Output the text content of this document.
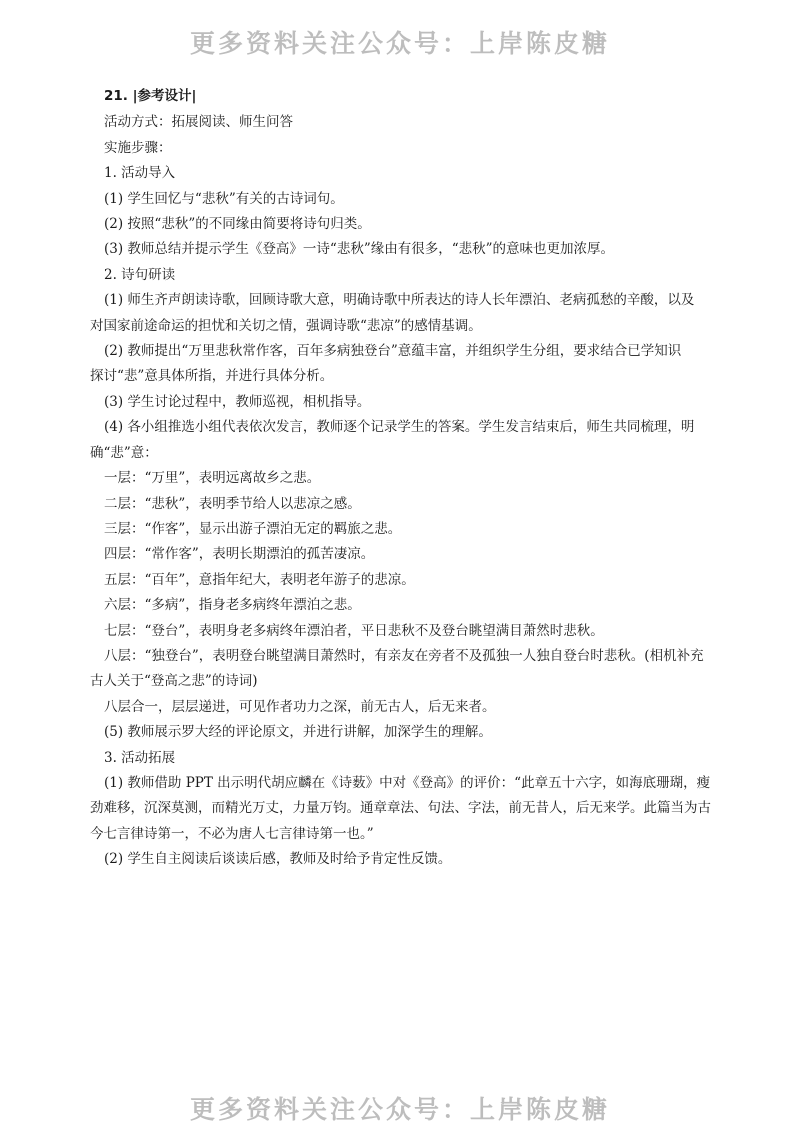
更多资料关注公众号：上岸陈皮糖
21. |参考设计|
活动方式：拓展阅读、师生问答
实施步骤：
1. 活动导入
(1) 学生回忆与“悲秋”有关的古诗词句。
(2) 按照“悲秋”的不同缘由简要将诗句归类。
(3) 教师总结并提示学生《登高》一诗“悲秋”缘由有很多，“悲秋”的意味也更加浓厚。
2. 诗句研读
(1) 师生齐声朗读诗歌，回顾诗歌大意，明确诗歌中所表达的诗人长年漂泊、老病孤愁的辛酸，以及
对国家前途命运的担忧和关切之情，强调诗歌“悲凉”的感情基调。
(2) 教师提出“万里悲秋常作客，百年多病独登台”意蕴丰富，并组织学生分组，要求结合已学知识
探讨“悲”意具体所指，并进行具体分析。
(3) 学生讨论过程中，教师巡视，相机指导。
(4) 各小组推选小组代表依次发言，教师逐个记录学生的答案。学生发言结束后，师生共同梳理，明
确“悲”意：
一层：“万里”，表明远离故乡之悲。
二层：“悲秋”，表明季节给人以悲凉之感。
三层：“作客”，显示出游子漂泊无定的羁旅之悲。
四层：“常作客”，表明长期漂泊的孤苦凄凉。
五层：“百年”，意指年纪大，表明老年游子的悲凉。
六层：“多病”，指身老多病终年漂泊之悲。
七层：“登台”，表明身老多病终年漂泊者，平日悲秋不及登台眺望满目萧然时悲秋。
八层：“独登台”，表明登台眺望满目萧然时，有亲友在旁者不及孤独一人独自登台时悲秋。(相机补充
古人关于“登高之悲”的诗词)
八层合一，层层递进，可见作者功力之深，前无古人，后无来者。
(5) 教师展示罗大经的评论原文，并进行讲解，加深学生的理解。
3. 活动拓展
(1) 教师借助 PPT 出示明代胡应麟在《诗薮》中对《登高》的评价：“此章五十六字，如海底珊瑚，瘦
劲难移，沉深莫测，而精光万丈，力量万钧。通章章法、句法、字法，前无昔人，后无来学。此篇当为古
今七言律诗第一，不必为唐人七言律诗第一也。”
(2) 学生自主阅读后谈读后感，教师及时给予肯定性反馈。
更多资料关注公众号：上岸陈皮糖
